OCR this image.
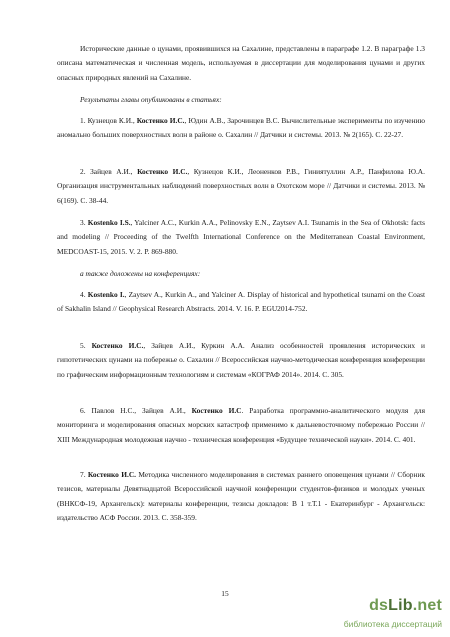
Исторические данные о цунами, проявившихся на Сахалине, представлены в параграфе 1.2. В параграфе 1.3 описана математическая и численная модель, используемая в диссертации для моделирования цунами и других опасных природных явлений на Сахалине.

Результаты главы опубликованы в статьях:

1. Кузнецов К.И., Костенко И.С., Юдин А.В., Зарочинцев В.С. Вычислительные эксперименты по изучению аномально больших поверхностных волн в районе о. Сахалин // Датчики и системы. 2013. № 2(165). С. 22-27.

2. Зайцев А.И., Костенко И.С., Кузнецов К.И., Леоненков Р.В., Гиниятуллин А.Р., Панфилова Ю.А. Организация инструментальных наблюдений поверхностных волн в Охотском море // Датчики и системы. 2013. № 6(169). С. 38-44.

3. Kostenko I.S., Yalciner A.C., Kurkin A.A., Pelinovsky E.N., Zaytsev A.I. Tsunamis in the Sea of Okhotsk: facts and modeling // Proceeding of the Twelfth International Conference on the Mediterranean Coastal Environment, MEDCOAST-15, 2015. V. 2. P. 869-880.

а также доложены на конференциях:

4. Kostenko I., Zaytsev A., Kurkin A., and Yalciner A. Display of historical and hypothetical tsunami on the Coast of Sakhalin Island // Geophysical Research Abstracts. 2014. V. 16. P. EGU2014-752.

5. Костенко И.С., Зайцев А.И., Куркин А.А. Анализ особенностей проявления исторических и гипотетических цунами на побережье о. Сахалин // Всероссийская научно-методическая конференция конференции по графическим информационным технологиям и системам «КОГРАФ 2014». 2014. С. 305.

6. Павлов Н.С., Зайцев А.И., Костенко И.С. Разработка программно-аналитического модуля для мониторинга и моделирования опасных морских катастроф применимо к дальневосточному побережью России // XIII Международная молодежная научно - техническая конференция «Будущее технической науки». 2014. С. 401.

7. Костенко И.С. Методика численного моделирования в системах раннего оповещения цунами // Сборник тезисов, материалы Девятнадцатой Всероссийской научной конференции студентов-физиков и молодых ученых (ВНКСФ-19, Архангельск): материалы конференции, тезисы докладов: В 1 т.Т.1 - Екатеринбург - Архангельск: издательство АСФ России. 2013. С. 358-359.

15
dsLib.net
библиотека диссертаций
